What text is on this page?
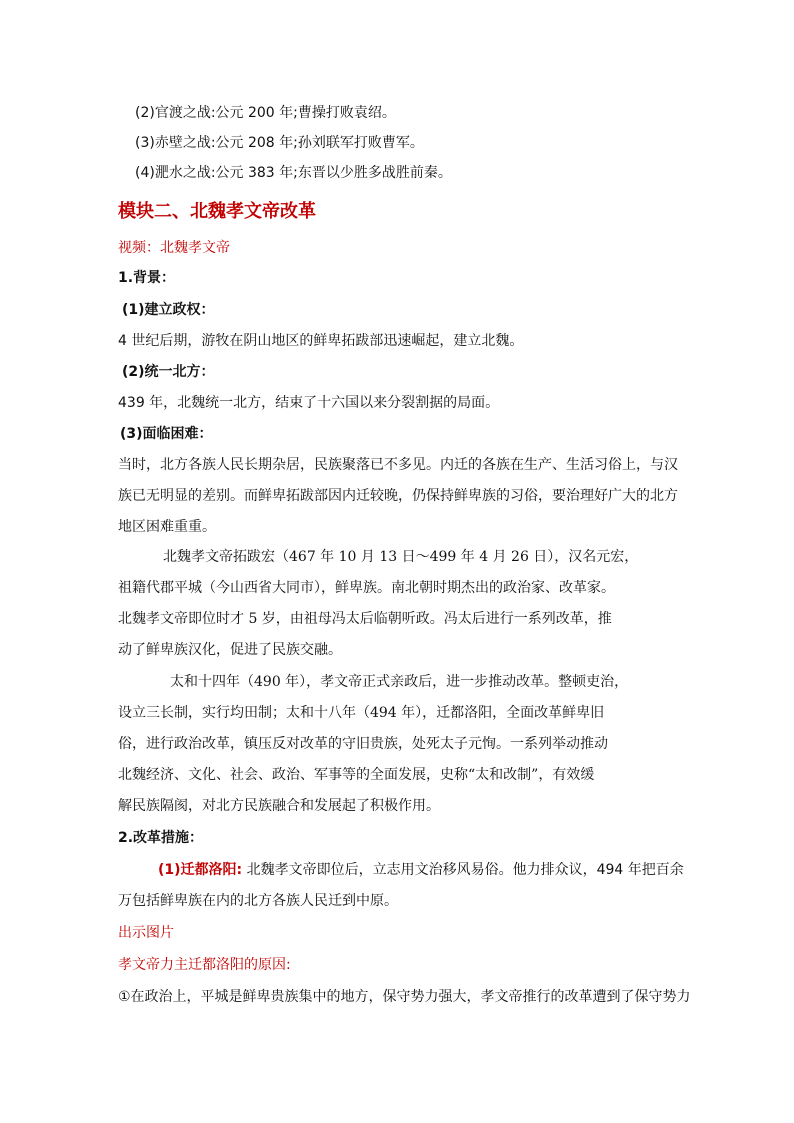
(2)官渡之战:公元 200 年;曹操打败袁绍。
(3)赤壁之战:公元 208 年;孙刘联军打败曹军。
(4)淝水之战:公元 383 年;东晋以少胜多战胜前秦。
模块二、北魏孝文帝改革
视频：北魏孝文帝
1.背景：
(1)建立政权：
4 世纪后期，游牧在阴山地区的鲜卑拓跋部迅速崛起，建立北魏。
(2)统一北方：
439 年，北魏统一北方，结束了十六国以来分裂割据的局面。
(3)面临困难：
当时，北方各族人民长期杂居，民族聚落已不多见。内迁的各族在生产、生活习俗上，与汉
族已无明显的差别。而鲜卑拓跋部因内迁较晚，仍保持鲜卑族的习俗，要治理好广大的北方
地区困难重重。
北魏孝文帝拓跋宏（467 年 10 月 13 日～499 年 4 月 26 日），汉名元宏，
祖籍代郡平城（今山西省大同市），鲜卑族。南北朝时期杰出的政治家、改革家。
北魏孝文帝即位时才 5 岁，由祖母冯太后临朝听政。冯太后进行一系列改革，推
动了鲜卑族汉化，促进了民族交融。
太和十四年（490 年），孝文帝正式亲政后，进一步推动改革。整顿吏治，
设立三长制，实行均田制；太和十八年（494 年），迁都洛阳，全面改革鲜卑旧
俗，进行政治改革，镇压反对改革的守旧贵族，处死太子元恂。一系列举动推动
北魏经济、文化、社会、政治、军事等的全面发展，史称“太和改制”，有效缓
解民族隔阂，对北方民族融合和发展起了积极作用。
2.改革措施：
(1)迁都洛阳: 北魏孝文帝即位后，立志用文治移风易俗。他力排众议，494 年把百余
万包括鲜卑族在内的北方各族人民迁到中原。
出示图片
孝文帝力主迁都洛阳的原因:
①在政治上，平城是鲜卑贵族集中的地方，保守势力强大，孝文帝推行的改革遭到了保守势力
